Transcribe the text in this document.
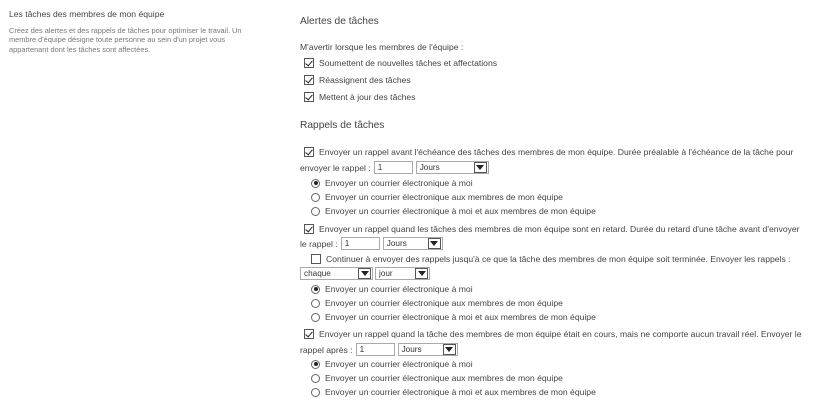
Les tâches des membres de mon équipe
Créez des alertes et des rappels de tâches pour optimiser le travail. Un
membre d'équipe désigne toute personne au sein d'un projet vous
appartenant dont les tâches sont affectées.
Alertes de tâches
M'avertir lorsque les membres de l'équipe :
Soumettent de nouvelles tâches et affectations
Réassignent des tâches
Mettent à jour des tâches
Rappels de tâches
Envoyer un rappel avant l'échéance des tâches des membres de mon équipe. Durée préalable à l'échéance de la tâche pour
envoyer le rappel : 1	Jours
Envoyer un courrier électronique à moi
Envoyer un courrier électronique aux membres de mon équipe
Envoyer un courrier électronique à moi et aux membres de mon équipe
Envoyer un rappel quand les tâches des membres de mon équipe sont en retard. Durée du retard d'une tâche avant d'envoyer
le rappel : 1	Jours
Continuer à envoyer des rappels jusqu'à ce que la tâche des membres de mon équipe soit terminée. Envoyer les rappels :
chaque	jour
Envoyer un courrier électronique à moi
Envoyer un courrier électronique aux membres de mon équipe
Envoyer un courrier électronique à moi et aux membres de mon équipe
Envoyer un rappel quand la tâche des membres de mon équipe était en cours, mais ne comporte aucun travail réel. Envoyer le
rappel après : 1	Jours
Envoyer un courrier électronique à moi
Envoyer un courrier électronique aux membres de mon équipe
Envoyer un courrier électronique à moi et aux membres de mon équipe
